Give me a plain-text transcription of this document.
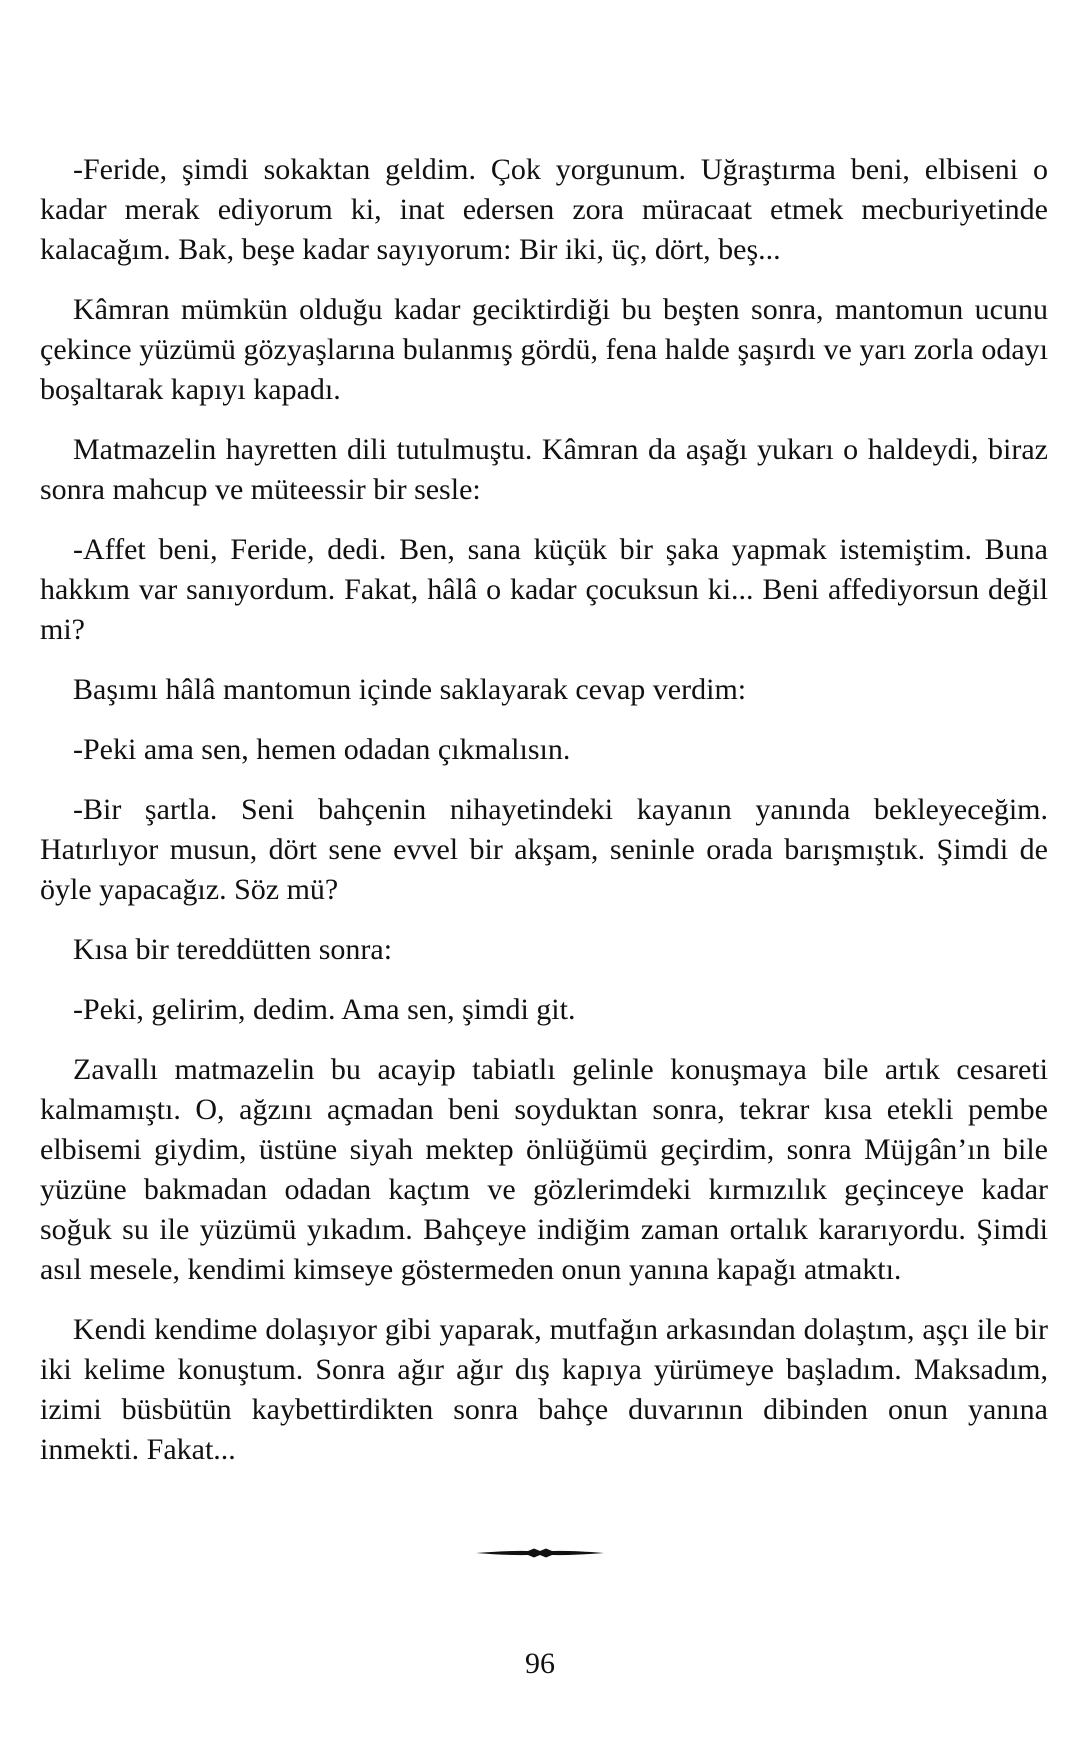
-Feride, şimdi sokaktan geldim. Çok yorgunum. Uğraştırma beni, elbiseni o kadar merak ediyorum ki, inat edersen zora müracaat etmek mecburiyetinde kalacağım. Bak, beşe kadar sayıyorum: Bir iki, üç, dört, beş...

Kâmran mümkün olduğu kadar geciktirdiği bu beşten sonra, mantomun ucunu çekince yüzümü gözyaşlarına bulanmış gördü, fena halde şaşırdı ve yarı zorla odayı boşaltarak kapıyı kapadı.

Matmazelin hayretten dili tutulmuştu. Kâmran da aşağı yukarı o haldeydi, biraz sonra mahcup ve müteessir bir sesle:

-Affet beni, Feride, dedi. Ben, sana küçük bir şaka yapmak istemiştim. Buna hakkım var sanıyordum. Fakat, hâlâ o kadar çocuksun ki... Beni affediyorsun değil mi?

Başımı hâlâ mantomun içinde saklayarak cevap verdim:

-Peki ama sen, hemen odadan çıkmalısın.

-Bir şartla. Seni bahçenin nihayetindeki kayanın yanında bekleyeceğim. Hatırlıyor musun, dört sene evvel bir akşam, seninle orada barışmıştık. Şimdi de öyle yapacağız. Söz mü?

Kısa bir tereddütten sonra:

-Peki, gelirim, dedim. Ama sen, şimdi git.

Zavallı matmazelin bu acayip tabiatlı gelinle konuşmaya bile artık cesareti kalmamıştı. O, ağzını açmadan beni soyduktan sonra, tekrar kısa etekli pembe elbisemi giydim, üstüne siyah mektep önlüğümü geçirdim, sonra Müjgân’ın bile yüzüne bakmadan odadan kaçtım ve gözlerimdeki kırmızılık geçinceye kadar soğuk su ile yüzümü yıkadım. Bahçeye indiğim zaman ortalık kararıyordu. Şimdi asıl mesele, kendimi kimseye göstermeden onun yanına kapağı atmaktı.

Kendi kendime dolaşıyor gibi yaparak, mutfağın arkasından dolaştım, aşçı ile bir iki kelime konuştum. Sonra ağır ağır dış kapıya yürümeye başladım. Maksadım, izimi büsbütün kaybettirdikten sonra bahçe duvarının dibinden onun yanına inmekti. Fakat...

96
